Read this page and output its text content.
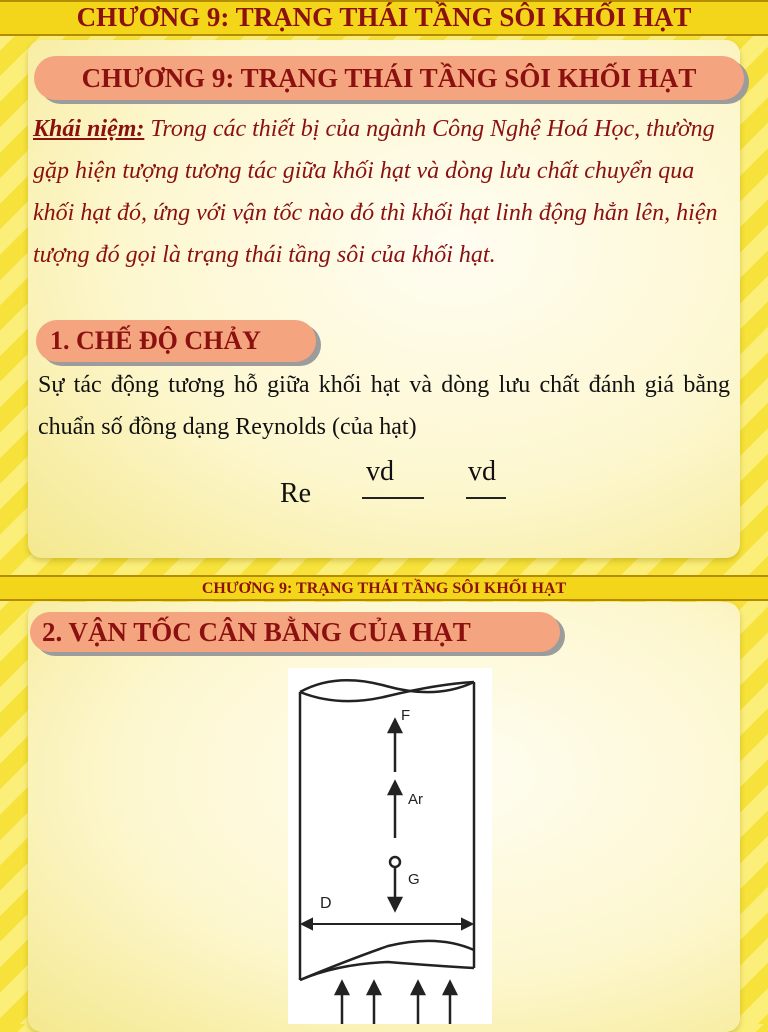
CHƯƠNG 9: TRẠNG THÁI TẦNG SÔI KHỐI HẠT
CHƯƠNG 9: TRẠNG THÁI TẦNG SÔI KHỐI HẠT
Khái niệm: Trong các thiết bị của ngành Công Nghệ Hoá Học, thường gặp hiện tượng tương tác giữa khối hạt và dòng lưu chất chuyển qua khối hạt đó, ứng với vận tốc nào đó thì khối hạt linh động hẳn lên, hiện tượng đó gọi là trạng thái tầng sôi của khối hạt.
1. CHẾ ĐỘ CHẢY
Sự tác động tương hỗ giữa khối hạt và dòng lưu chất đánh giá bằng chuẩn số đồng dạng Reynolds (của hạt)
Re
vd	vd
CHƯƠNG 9: TRẠNG THÁI TẦNG SÔI KHỐI HẠT
2. VẬN TỐC CÂN BẰNG CỦA HẠT
D
F
Ar
G
